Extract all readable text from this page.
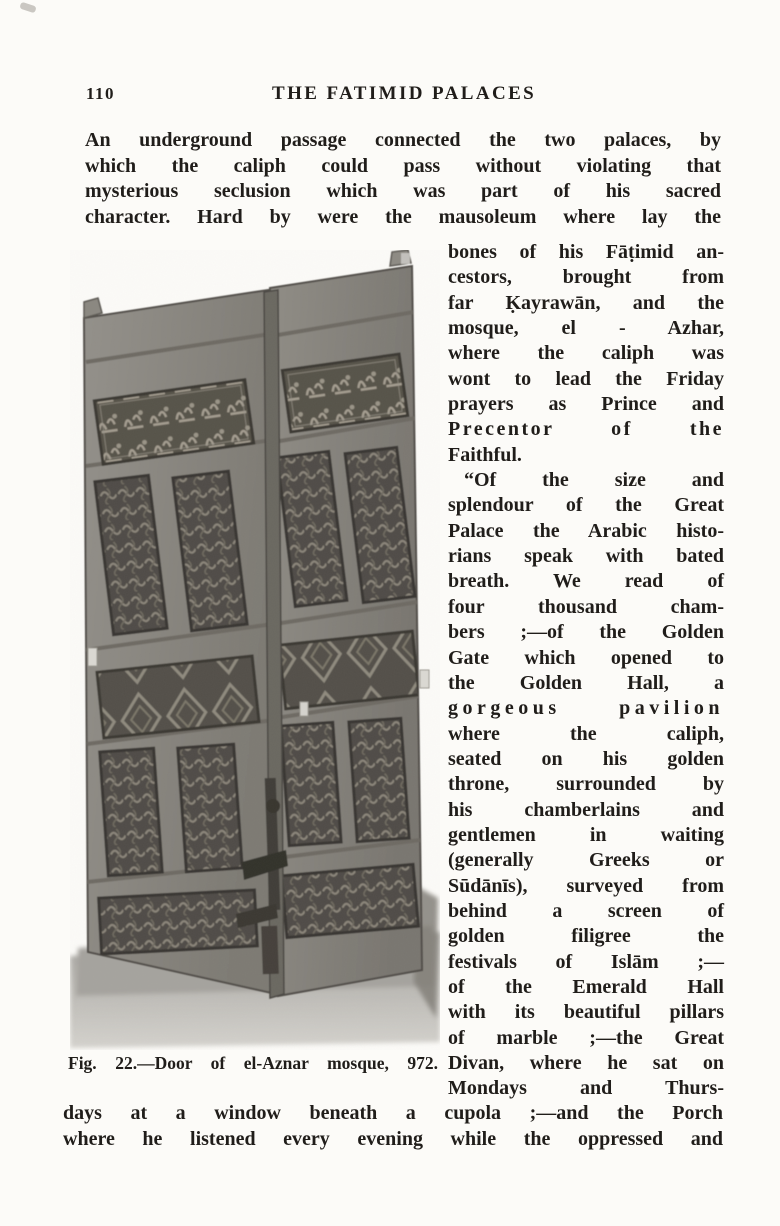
110	THE FATIMID PALACES
An underground passage connected the two palaces, by
which the caliph could pass without violating that
mysterious seclusion which was part of his sacred
character. Hard by were the mausoleum where lay the
Fig. 22.—Door of el-Aznar mosque, 972.
bones of his Fāṭimid an-
cestors, brought from
far Ḳayrawān, and the
mosque, el - Azhar,
where the caliph was
wont to lead the Friday
prayers as Prince and
Precentor of the
Faithful.
“Of the size and
splendour of the Great
Palace the Arabic histo-
rians speak with bated
breath. We read of
four thousand cham-
bers ;—of the Golden
Gate which opened to
the Golden Hall, a
gorgeous pavilion
where the caliph,
seated on his golden
throne, surrounded by
his chamberlains and
gentlemen in waiting
(generally Greeks or
Sūdānīs), surveyed from
behind a screen of
golden filigree the
festivals of Islām ;—
of the Emerald Hall
with its beautiful pillars
of marble ;—the Great
Divan, where he sat on
Mondays and Thurs-
days at a window beneath a cupola ;—and the Porch
where he listened every evening while the oppressed and
